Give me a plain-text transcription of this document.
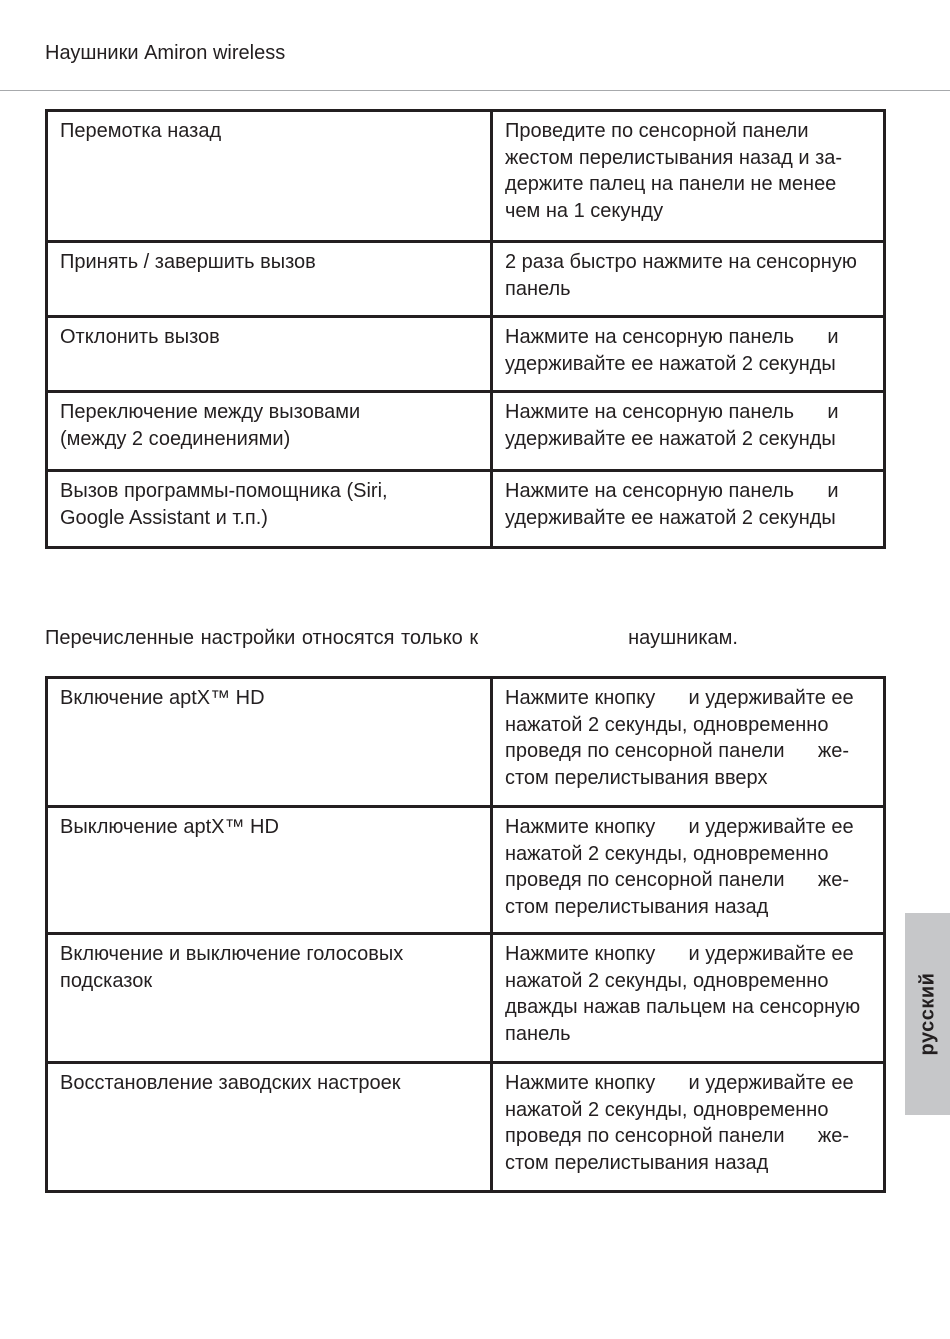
Наушники Amiron wireless
Перемотка назад	Проведите по сенсорной панели
жестом перелистывания назад и за-
держите палец на панели не менее
чем на 1 секунду

Принять / завершить вызов	2 раза быстро нажмите на сенсорную
панель

Отклонить вызов	Нажмите на сенсорную панель      и
удерживайте ее нажатой 2 секунды

Переключение между вызовами
(между 2 соединениями)	Нажмите на сенсорную панель      и
удерживайте ее нажатой 2 секунды

Вызов программы-помощника (Siri,
Google Assistant и т.п.)	Нажмите на сенсорную панель      и
удерживайте ее нажатой 2 секунды
Перечисленные настройки относятся только к	наушникам.
Включение aptX™ HD	Нажмите кнопку      и удерживайте ее
нажатой 2 секунды, одновременно
проведя по сенсорной панели      же-
стом перелистывания вверх

Выключение aptX™ HD	Нажмите кнопку      и удерживайте ее
нажатой 2 секунды, одновременно
проведя по сенсорной панели      же-
стом перелистывания назад

Включение и выключение голосовых
подсказок	Нажмите кнопку      и удерживайте ее
нажатой 2 секунды, одновременно
дважды нажав пальцем на сенсорную
панель

Восстановление заводских настроек	Нажмите кнопку      и удерживайте ее
нажатой 2 секунды, одновременно
проведя по сенсорной панели      же-
стом перелистывания назад
русский
